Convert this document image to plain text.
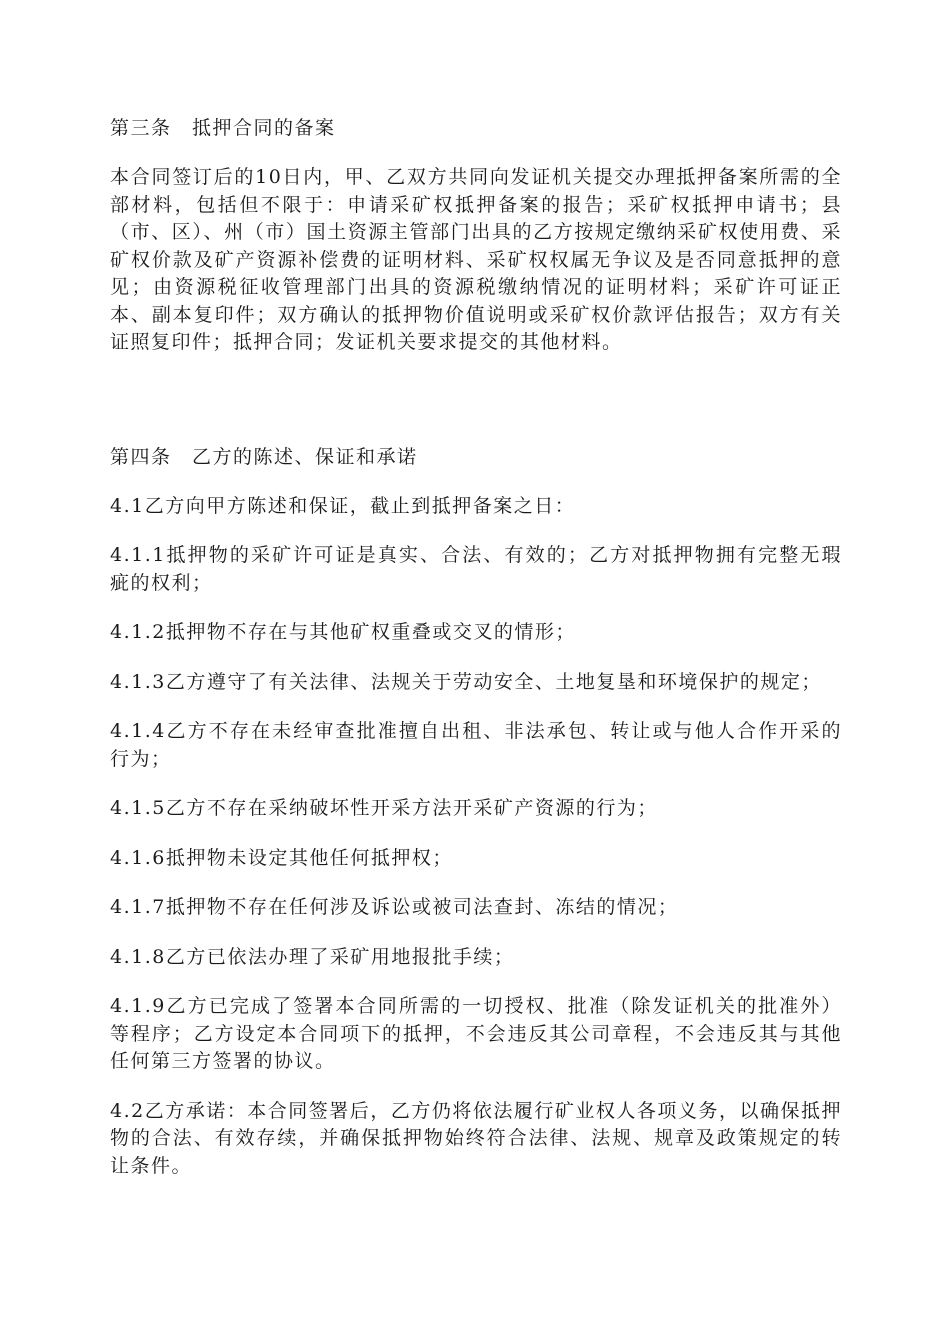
第三条　抵押合同的备案

本合同签订后的10日内，甲、乙双方共同向发证机关提交办理抵押备案所需的全部材料，包括但不限于：申请采矿权抵押备案的报告；采矿权抵押申请书；县（市、区）、州（市）国土资源主管部门出具的乙方按规定缴纳采矿权使用费、采矿权价款及矿产资源补偿费的证明材料、采矿权权属无争议及是否同意抵押的意见；由资源税征收管理部门出具的资源税缴纳情况的证明材料；采矿许可证正本、副本复印件；双方确认的抵押物价值说明或采矿权价款评估报告；双方有关证照复印件；抵押合同；发证机关要求提交的其他材料。

第四条　乙方的陈述、保证和承诺

4.1乙方向甲方陈述和保证，截止到抵押备案之日：

4.1.1抵押物的采矿许可证是真实、合法、有效的；乙方对抵押物拥有完整无瑕疵的权利；

4.1.2抵押物不存在与其他矿权重叠或交叉的情形；

4.1.3乙方遵守了有关法律、法规关于劳动安全、土地复垦和环境保护的规定；

4.1.4乙方不存在未经审查批准擅自出租、非法承包、转让或与他人合作开采的行为；

4.1.5乙方不存在采纳破坏性开采方法开采矿产资源的行为；

4.1.6抵押物未设定其他任何抵押权；

4.1.7抵押物不存在任何涉及诉讼或被司法查封、冻结的情况；

4.1.8乙方已依法办理了采矿用地报批手续；

4.1.9乙方已完成了签署本合同所需的一切授权、批准（除发证机关的批准外）等程序；乙方设定本合同项下的抵押，不会违反其公司章程，不会违反其与其他任何第三方签署的协议。

4.2乙方承诺：本合同签署后，乙方仍将依法履行矿业权人各项义务，以确保抵押物的合法、有效存续，并确保抵押物始终符合法律、法规、规章及政策规定的转让条件。
